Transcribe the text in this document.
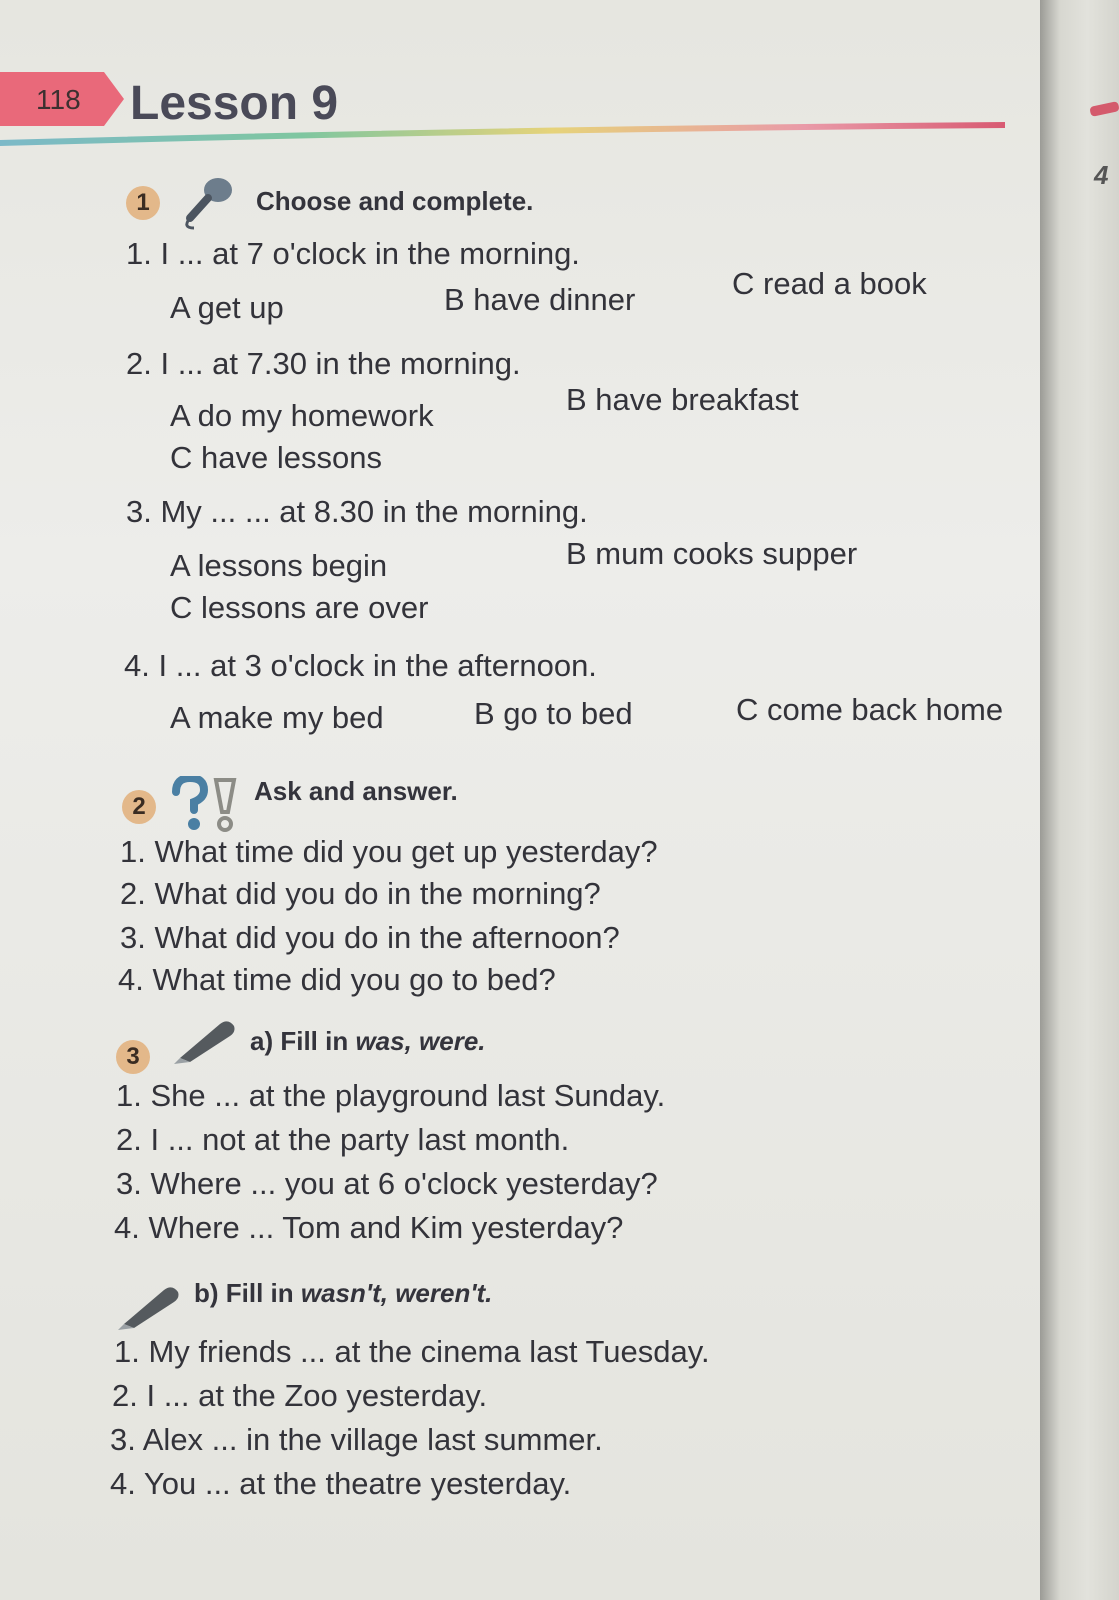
4
118 Lesson 9
1	Choose and complete.
1. I ... at 7 o'clock in the morning.
A get up	B have dinner	C read a book
2. I ... at 7.30 in the morning.
A do my homework	B have breakfast
C have lessons
3. My ... ... at 8.30 in the morning.
A lessons begin	B mum cooks supper
C lessons are over
4. I ... at 3 o'clock in the afternoon.
A make my bed	B go to bed	C come back home
2
Ask and answer.
1. What time did you get up yesterday?
2. What did you do in the morning?
3. What did you do in the afternoon?
4. What time did you go to bed?
3
a) Fill in was, were.
1. She ... at the playground last Sunday.
2. I ... not at the party last month.
3. Where ... you at 6 o'clock yesterday?
4. Where ... Tom and Kim yesterday?
b) Fill in wasn't, weren't.
1. My friends ... at the cinema last Tuesday.
2. I ... at the Zoo yesterday.
3. Alex ... in the village last summer.
4. You ... at the theatre yesterday.
